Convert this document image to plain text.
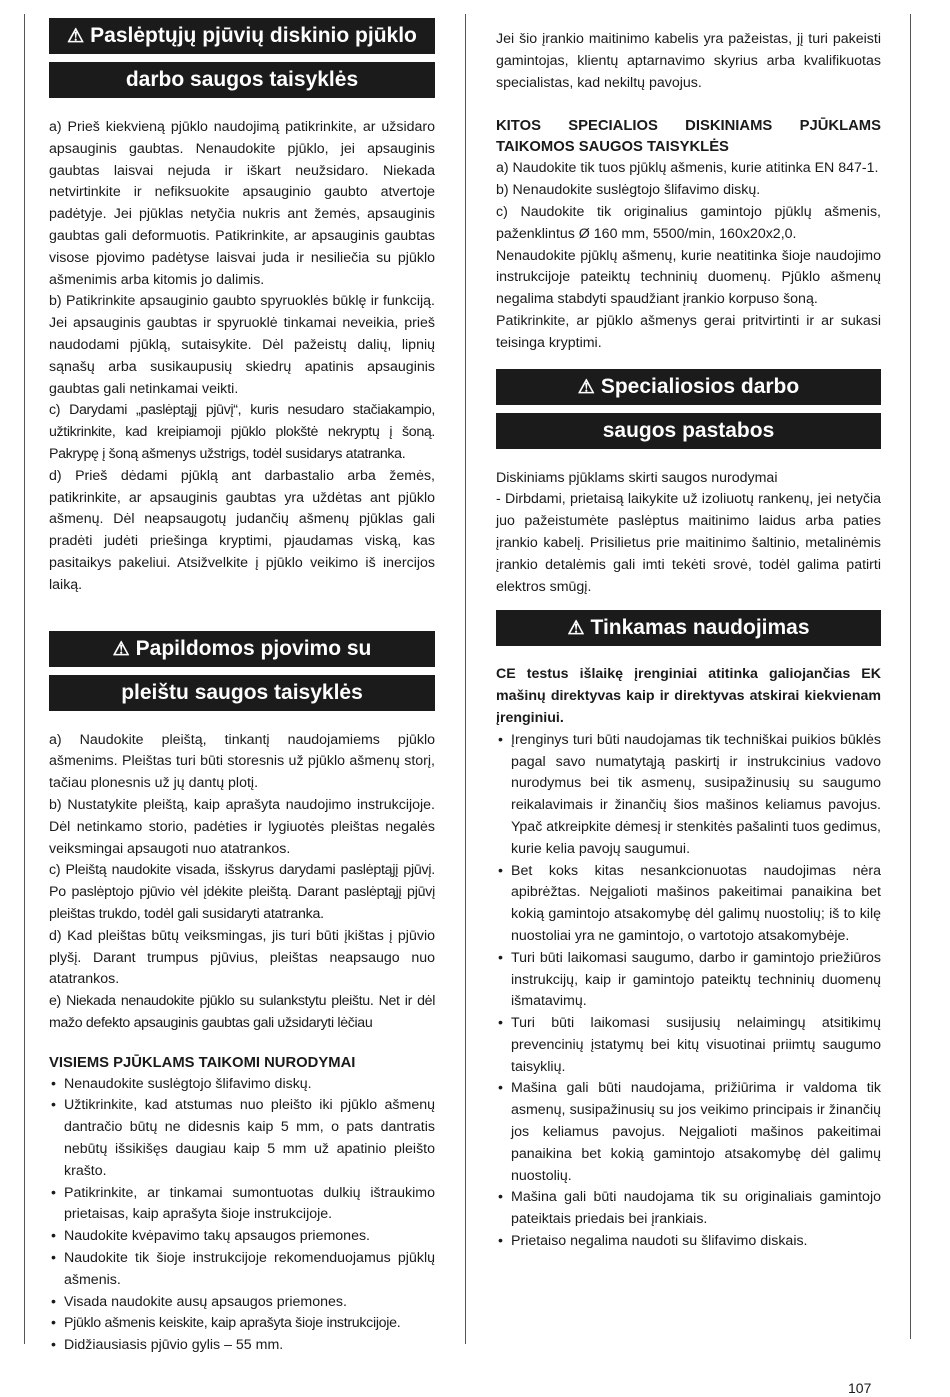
⚠ Paslėptųjų pjūvių diskinio pjūklo
darbo saugos taisyklės

a) Prieš kiekvieną pjūklo naudojimą patikrinkite, ar užsidaro apsauginis gaubtas. Nenaudokite pjūklo, jei apsauginis gaubtas laisvai nejuda ir iškart neužsidaro. Niekada netvirtinkite ir nefiksuokite apsauginio gaubto atvertoje padėtyje. Jei pjūklas netyčia nukris ant žemės, apsauginis gaubtas gali deformuotis. Patikrinkite, ar apsauginis gaubtas visose pjovimo padėtyse laisvai juda ir nesiliečia su pjūklo ašmenimis arba kitomis jo dalimis.

b) Patikrinkite apsauginio gaubto spyruoklės būklę ir funkciją. Jei apsauginis gaubtas ir spyruoklė tinkamai neveikia, prieš naudodami pjūklą, sutaisykite. Dėl pažeistų dalių, lipnių sąnašų arba susikaupusių skiedrų apatinis apsauginis gaubtas gali netinkamai veikti.

c) Darydami „paslėptąjį pjūvį“, kuris nesudaro stačiakampio, užtikrinkite, kad kreipiamoji pjūklo plokštė nekryptų į šoną. Pakrypę į šoną ašmenys užstrigs, todėl susidarys atatranka.

d) Prieš dėdami pjūklą ant darbastalio arba žemės, patikrinkite, ar apsauginis gaubtas yra uždėtas ant pjūklo ašmenų. Dėl neapsaugotų judančių ašmenų pjūklas gali pradėti judėti priešinga kryptimi, pjaudamas viską, kas pasitaikys pakeliui. Atsižvelkite į pjūklo veikimo iš inercijos laiką.

⚠ Papildomos pjovimo su
pleištu saugos taisyklės

a) Naudokite pleištą, tinkantį naudojamiems pjūklo ašmenims. Pleištas turi būti storesnis už pjūklo ašmenų storį, tačiau plonesnis už jų dantų plotį.

b) Nustatykite pleištą, kaip aprašyta naudojimo instrukcijoje. Dėl netinkamo storio, padėties ir lygiuotės pleištas negalės veiksmingai apsaugoti nuo atatrankos.

c) Pleištą naudokite visada, išskyrus darydami paslėptąjį pjūvį. Po paslėptojo pjūvio vėl įdėkite pleištą. Darant paslėptąjį pjūvį pleištas trukdo, todėl gali susidaryti atatranka.

d) Kad pleištas būtų veiksmingas, jis turi būti įkištas į pjūvio plyšį. Darant trumpus pjūvius, pleištas neapsaugo nuo atatrankos.

e) Niekada nenaudokite pjūklo su sulankstytu pleištu. Net ir dėl mažo defekto apsauginis gaubtas gali užsidaryti lėčiau

VISIEMS PJŪKLAMS TAIKOMI NURODYMAI

• Nenaudokite suslėgtojo šlifavimo diskų.
• Užtikrinkite, kad atstumas nuo pleišto iki pjūklo ašmenų dantračio būtų ne didesnis kaip 5 mm, o pats dantratis nebūtų išsikišęs daugiau kaip 5 mm už apatinio pleišto krašto.
• Patikrinkite, ar tinkamai sumontuotas dulkių ištraukimo prietaisas, kaip aprašyta šioje instrukcijoje.
• Naudokite kvėpavimo takų apsaugos priemones.
• Naudokite tik šioje instrukcijoje rekomenduojamus pjūklų ašmenis.
• Visada naudokite ausų apsaugos priemones.
• Pjūklo ašmenis keiskite, kaip aprašyta šioje instrukcijoje.
• Didžiausiasis pjūvio gylis – 55 mm.

Jei šio įrankio maitinimo kabelis yra pažeistas, jį turi pakeisti gamintojas, klientų aptarnavimo skyrius arba kvalifikuotas specialistas, kad nekiltų pavojus.

KITOS SPECIALIOS DISKINIAMS PJŪKLAMS TAIKOMOS SAUGOS TAISYKLĖS

a) Naudokite tik tuos pjūklų ašmenis, kurie atitinka EN 847-1.

b) Nenaudokite suslėgtojo šlifavimo diskų.

c) Naudokite tik originalius gamintojo pjūklų ašmenis, paženklintus Ø 160 mm, 5500/min, 160x20x2,0.

Nenaudokite pjūklų ašmenų, kurie neatitinka šioje naudojimo instrukcijoje pateiktų techninių duomenų. Pjūklo ašmenų negalima stabdyti spaudžiant įrankio korpuso šoną.

Patikrinkite, ar pjūklo ašmenys gerai pritvirtinti ir ar sukasi teisinga kryptimi.

⚠ Specialiosios darbo
saugos pastabos

Diskiniams pjūklams skirti saugos nurodymai

- Dirbdami, prietaisą laikykite už izoliuotų rankenų, jei netyčia juo pažeistumėte paslėptus maitinimo laidus arba paties įrankio kabelį. Prisilietus prie maitinimo šaltinio, metalinėmis įrankio detalėmis gali imti tekėti srovė, todėl galima patirti elektros smūgį.

⚠ Tinkamas naudojimas

CE testus išlaikę įrenginiai atitinka galiojančias EK mašinų direktyvas kaip ir direktyvas atskirai kiekvienam įrenginiui.

• Įrenginys turi būti naudojamas tik techniškai puikios būklės pagal savo numatytąją paskirtį ir instrukcinius vadovo nurodymus bei tik asmenų, susipažinusių su saugumo reikalavimais ir žinančių šios mašinos keliamus pavojus. Ypač atkreipkite dėmesį ir stenkitės pašalinti tuos gedimus, kurie kelia pavojų saugumui.
• Bet koks kitas nesankcionuotas naudojimas nėra apibrėžtas. Neįgalioti mašinos pakeitimai panaikina bet kokią gamintojo atsakomybę dėl galimų nuostolių; iš to kilę nuostoliai yra ne gamintojo, o vartotojo atsakomybėje.
• Turi būti laikomasi saugumo, darbo ir gamintojo priežiūros instrukcijų, kaip ir gamintojo pateiktų techninių duomenų išmatavimų.
• Turi būti laikomasi susijusių nelaimingų atsitikimų prevencinių įstatymų bei kitų visuotinai priimtų saugumo taisyklių.
• Mašina gali būti naudojama, prižiūrima ir valdoma tik asmenų, susipažinusių su jos veikimo principais ir žinančių jos keliamus pavojus. Neįgalioti mašinos pakeitimai panaikina bet kokią gamintojo atsakomybę dėl galimų nuostolių.
• Mašina gali būti naudojama tik su originaliais gamintojo pateiktais priedais bei įrankiais.
• Prietaiso negalima naudoti su šlifavimo diskais.
107
